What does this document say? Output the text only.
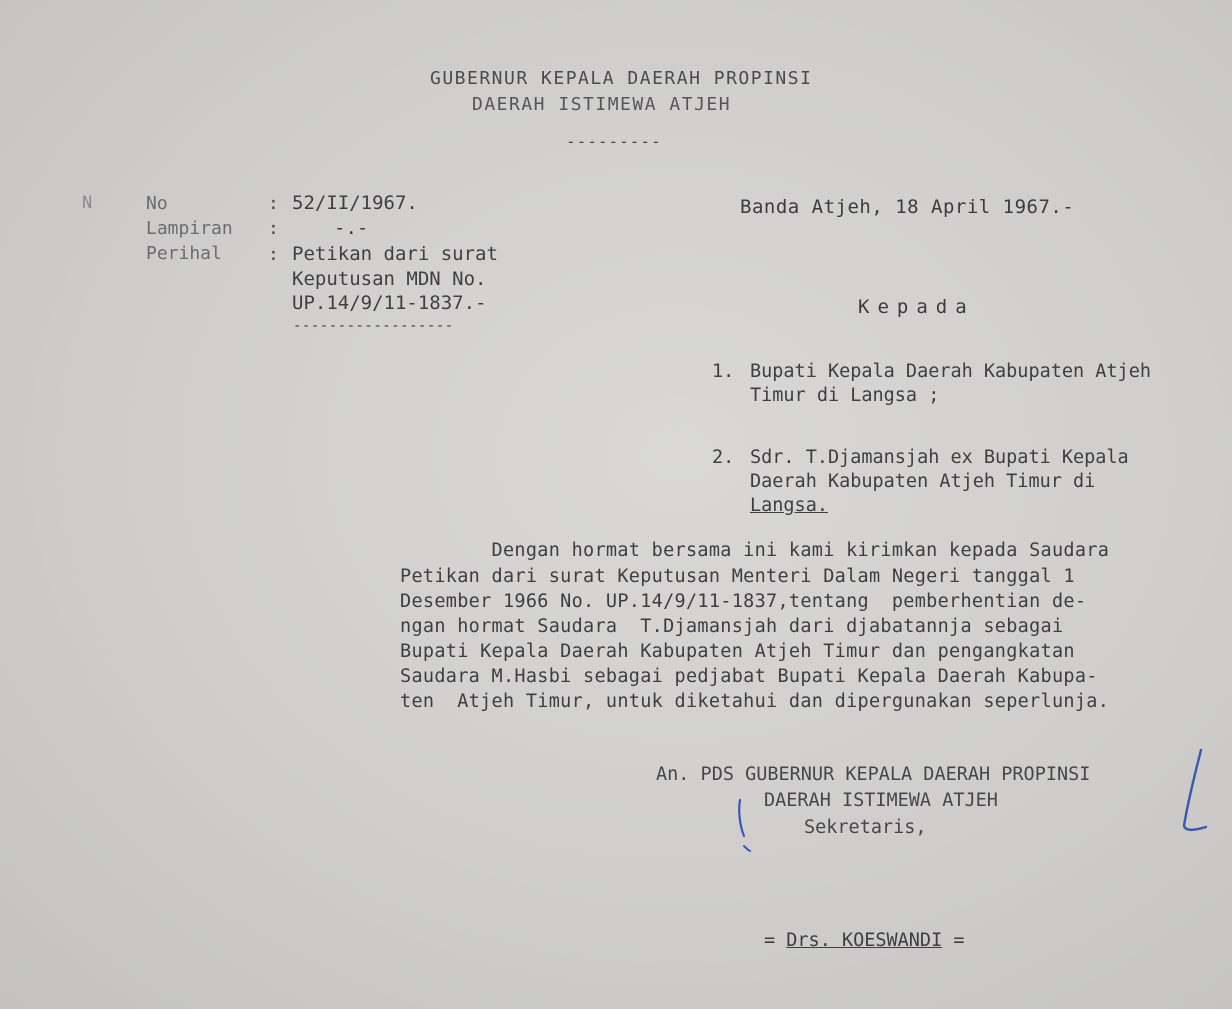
GUBERNUR KEPALA DAERAH PROPINSI
DAERAH ISTIMEWA ATJEH
---------
N	No	: 52/II/1967.
Lampiran :	-.-
Perihal	: Petikan dari surat
Keputusan MDN No.
UP.14/9/11-1837.-
------------------
Banda Atjeh, 18 April 1967.-
Kepada
1. Bupati Kepala Daerah Kabupaten Atjeh
Timur di Langsa ;
2. Sdr. T.Djamansjah ex Bupati Kepala
Daerah Kabupaten Atjeh Timur di
Langsa.
Dengan hormat bersama ini kami kirimkan kepada Saudara
Petikan dari surat Keputusan Menteri Dalam Negeri tanggal 1
Desember 1966 No. UP.14/9/11-1837,tentang  pemberhentian de-
ngan hormat Saudara  T.Djamansjah dari djabatannja sebagai
Bupati Kepala Daerah Kabupaten Atjeh Timur dan pengangkatan
Saudara M.Hasbi sebagai pedjabat Bupati Kepala Daerah Kabupa-
ten  Atjeh Timur, untuk diketahui dan dipergunakan seperlunja.
An. PDS GUBERNUR KEPALA DAERAH PROPINSI
DAERAH ISTIMEWA ATJEH
Sekretaris,
= Drs. KOESWANDI =
